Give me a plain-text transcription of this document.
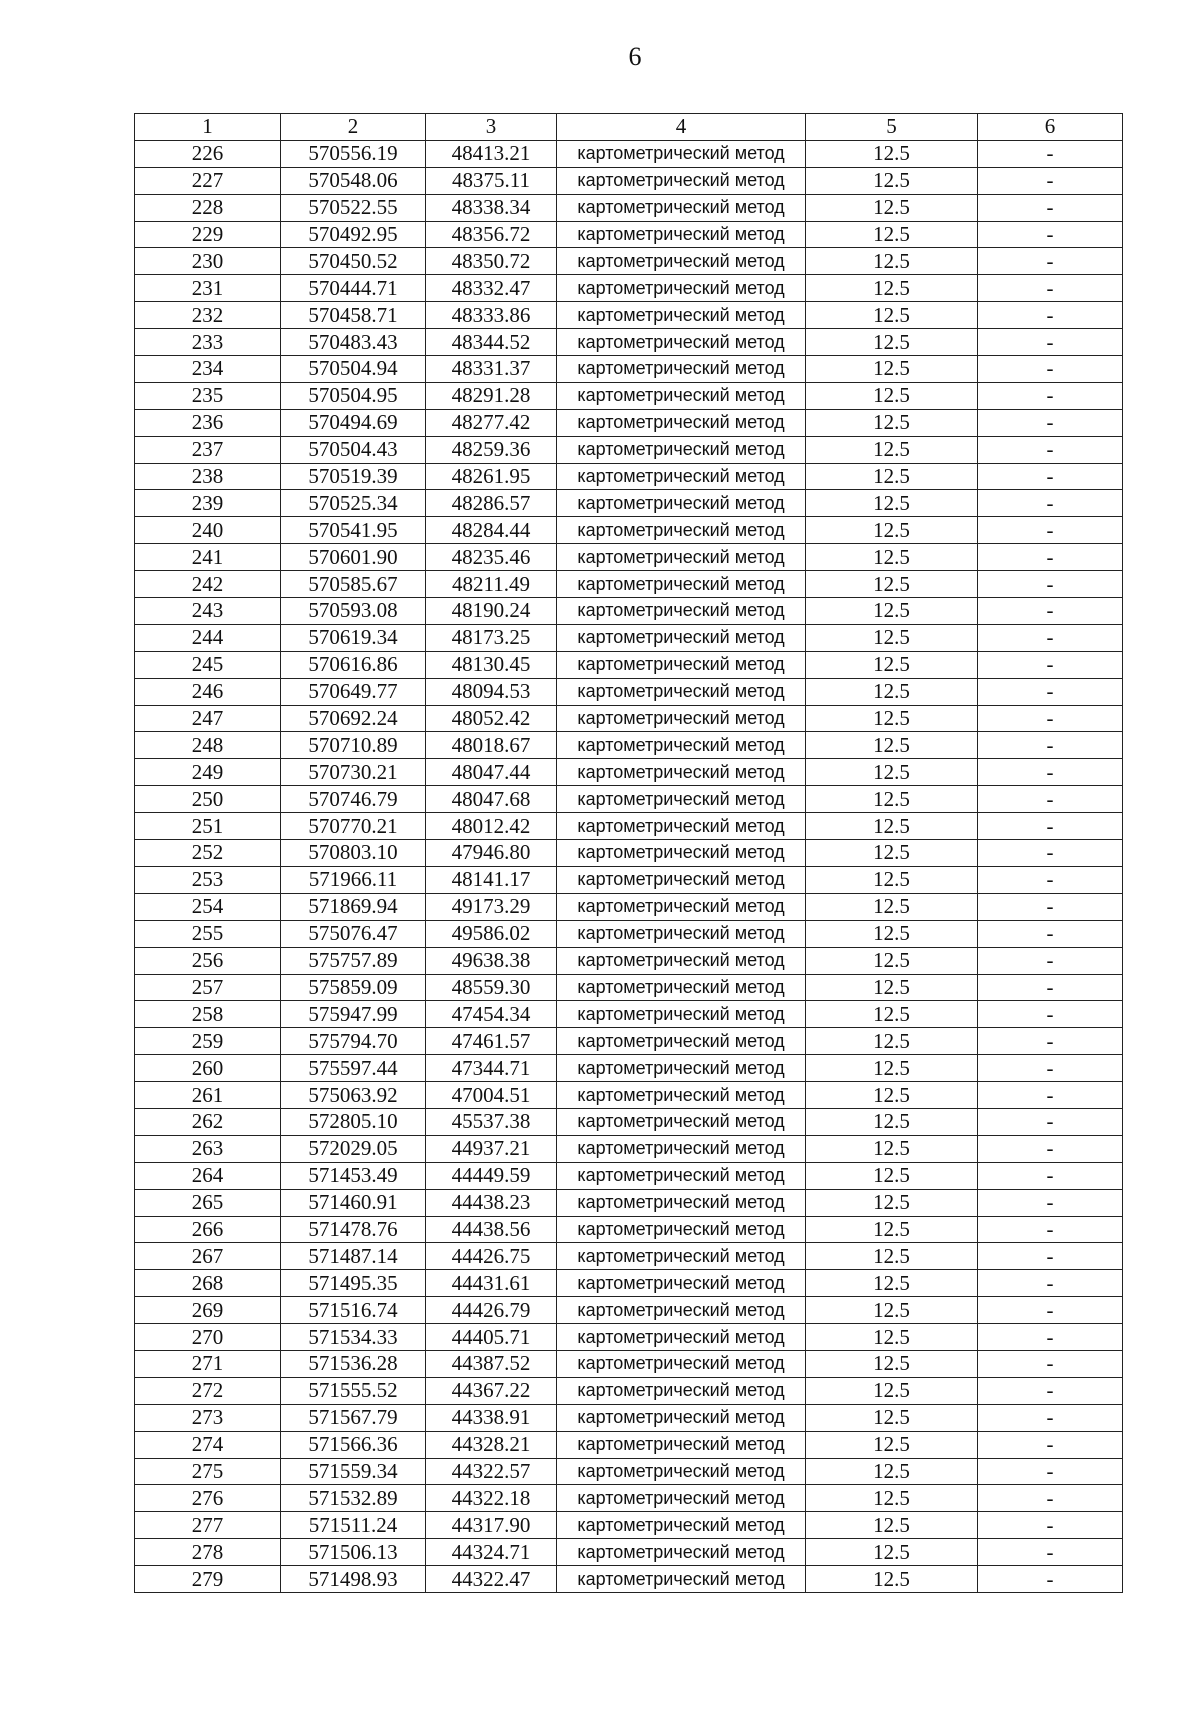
6
1	2	3	4	5	6
226	570556.19	48413.21	картометрический метод	12.5	-
227	570548.06	48375.11	картометрический метод	12.5	-
228	570522.55	48338.34	картометрический метод	12.5	-
229	570492.95	48356.72	картометрический метод	12.5	-
230	570450.52	48350.72	картометрический метод	12.5	-
231	570444.71	48332.47	картометрический метод	12.5	-
232	570458.71	48333.86	картометрический метод	12.5	-
233	570483.43	48344.52	картометрический метод	12.5	-
234	570504.94	48331.37	картометрический метод	12.5	-
235	570504.95	48291.28	картометрический метод	12.5	-
236	570494.69	48277.42	картометрический метод	12.5	-
237	570504.43	48259.36	картометрический метод	12.5	-
238	570519.39	48261.95	картометрический метод	12.5	-
239	570525.34	48286.57	картометрический метод	12.5	-
240	570541.95	48284.44	картометрический метод	12.5	-
241	570601.90	48235.46	картометрический метод	12.5	-
242	570585.67	48211.49	картометрический метод	12.5	-
243	570593.08	48190.24	картометрический метод	12.5	-
244	570619.34	48173.25	картометрический метод	12.5	-
245	570616.86	48130.45	картометрический метод	12.5	-
246	570649.77	48094.53	картометрический метод	12.5	-
247	570692.24	48052.42	картометрический метод	12.5	-
248	570710.89	48018.67	картометрический метод	12.5	-
249	570730.21	48047.44	картометрический метод	12.5	-
250	570746.79	48047.68	картометрический метод	12.5	-
251	570770.21	48012.42	картометрический метод	12.5	-
252	570803.10	47946.80	картометрический метод	12.5	-
253	571966.11	48141.17	картометрический метод	12.5	-
254	571869.94	49173.29	картометрический метод	12.5	-
255	575076.47	49586.02	картометрический метод	12.5	-
256	575757.89	49638.38	картометрический метод	12.5	-
257	575859.09	48559.30	картометрический метод	12.5	-
258	575947.99	47454.34	картометрический метод	12.5	-
259	575794.70	47461.57	картометрический метод	12.5	-
260	575597.44	47344.71	картометрический метод	12.5	-
261	575063.92	47004.51	картометрический метод	12.5	-
262	572805.10	45537.38	картометрический метод	12.5	-
263	572029.05	44937.21	картометрический метод	12.5	-
264	571453.49	44449.59	картометрический метод	12.5	-
265	571460.91	44438.23	картометрический метод	12.5	-
266	571478.76	44438.56	картометрический метод	12.5	-
267	571487.14	44426.75	картометрический метод	12.5	-
268	571495.35	44431.61	картометрический метод	12.5	-
269	571516.74	44426.79	картометрический метод	12.5	-
270	571534.33	44405.71	картометрический метод	12.5	-
271	571536.28	44387.52	картометрический метод	12.5	-
272	571555.52	44367.22	картометрический метод	12.5	-
273	571567.79	44338.91	картометрический метод	12.5	-
274	571566.36	44328.21	картометрический метод	12.5	-
275	571559.34	44322.57	картометрический метод	12.5	-
276	571532.89	44322.18	картометрический метод	12.5	-
277	571511.24	44317.90	картометрический метод	12.5	-
278	571506.13	44324.71	картометрический метод	12.5	-
279	571498.93	44322.47	картометрический метод	12.5	-
